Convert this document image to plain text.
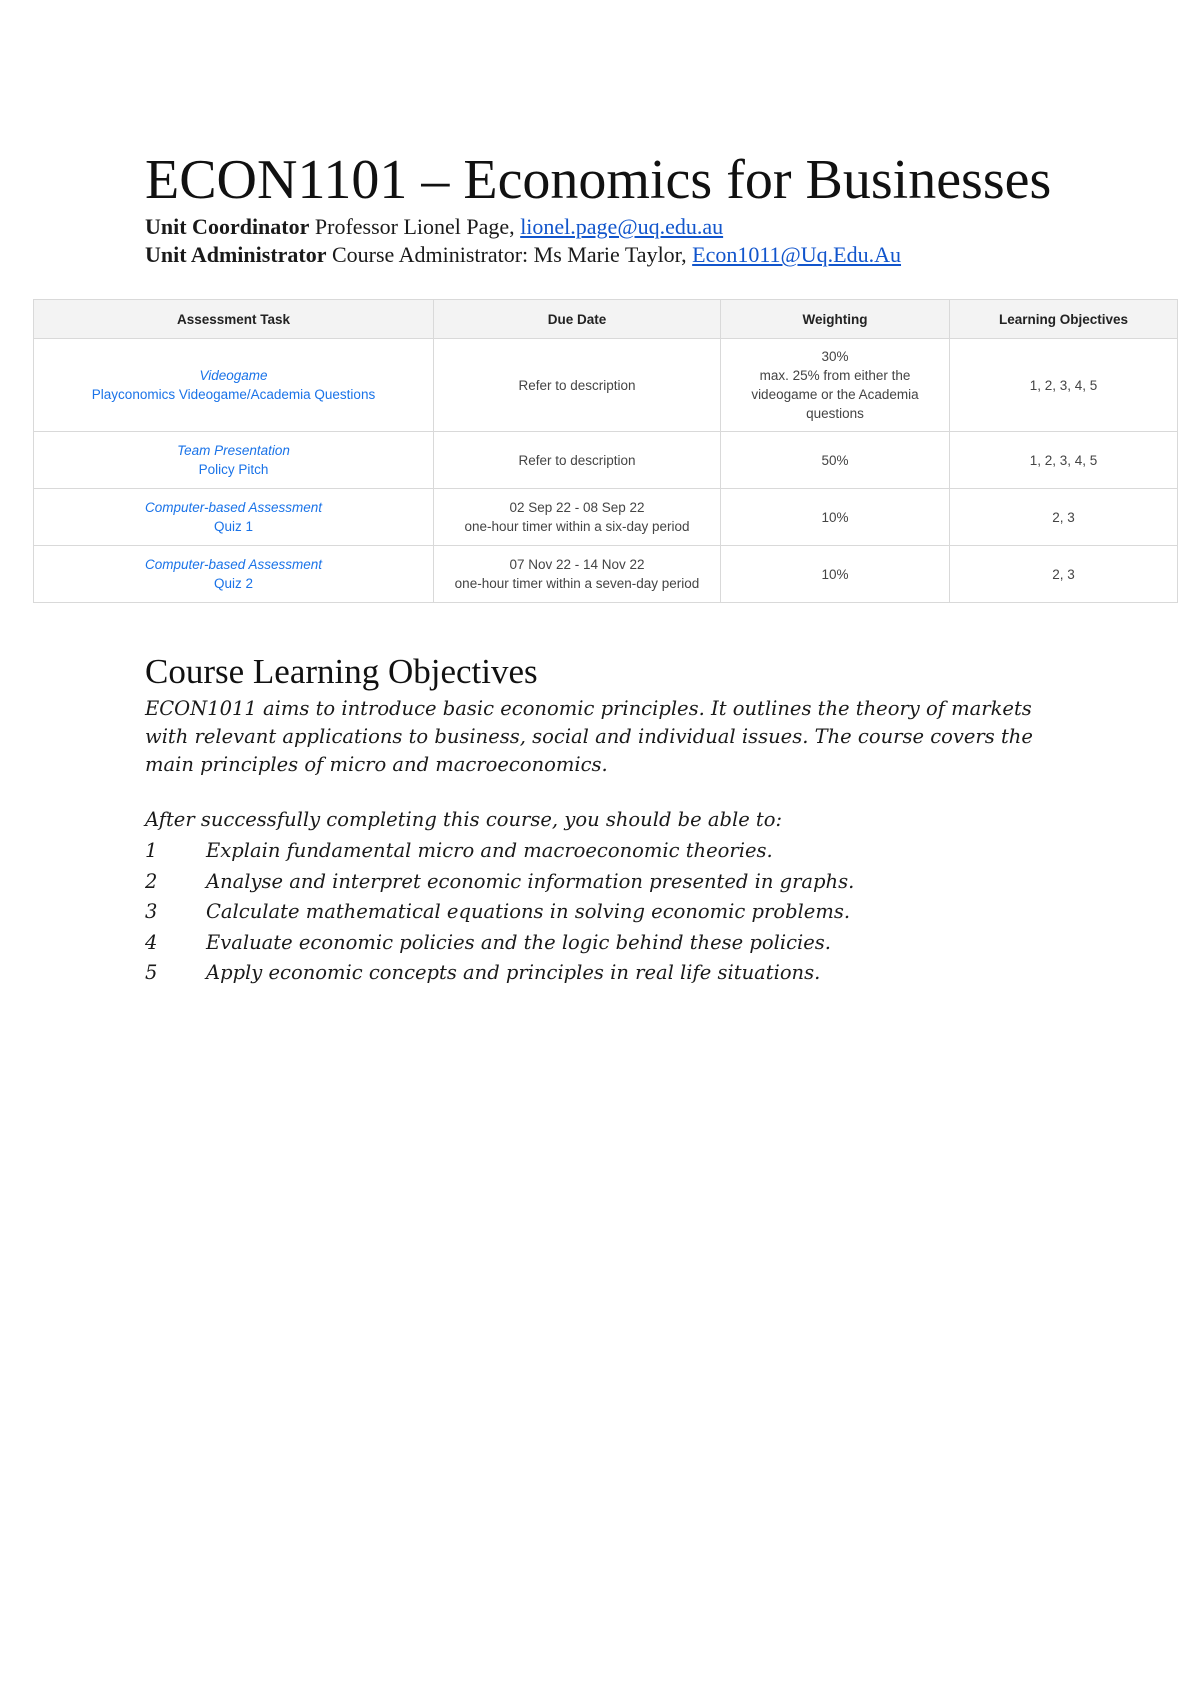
ECON1101 – Economics for Businesses
Unit Coordinator Professor Lionel Page, lionel.page@uq.edu.au
Unit Administrator Course Administrator: Ms Marie Taylor, Econ1011@Uq.Edu.Au
Assessment Task	Due Date	Weighting	Learning Objectives

Videogame
Playconomics Videogame/Academia Questions	Refer to description	30%
max. 25% from either the videogame or the Academia questions	1, 2, 3, 4, 5

Team Presentation
Policy Pitch	Refer to description	50%	1, 2, 3, 4, 5

Computer-based Assessment
Quiz 1	02 Sep 22 - 08 Sep 22
one-hour timer within a six-day period	10%	2, 3

Computer-based Assessment
Quiz 2	07 Nov 22 - 14 Nov 22
one-hour timer within a seven-day period	10%	2, 3
Course Learning Objectives

ECON1011 aims to introduce basic economic principles. It outlines the theory of markets with relevant applications to business, social and individual issues. The course covers the main principles of micro and macroeconomics.

After successfully completing this course, you should be able to:

1	Explain fundamental micro and macroeconomic theories.
2	Analyse and interpret economic information presented in graphs.
3	Calculate mathematical equations in solving economic problems.
4	Evaluate economic policies and the logic behind these policies.
5	Apply economic concepts and principles in real life situations.
